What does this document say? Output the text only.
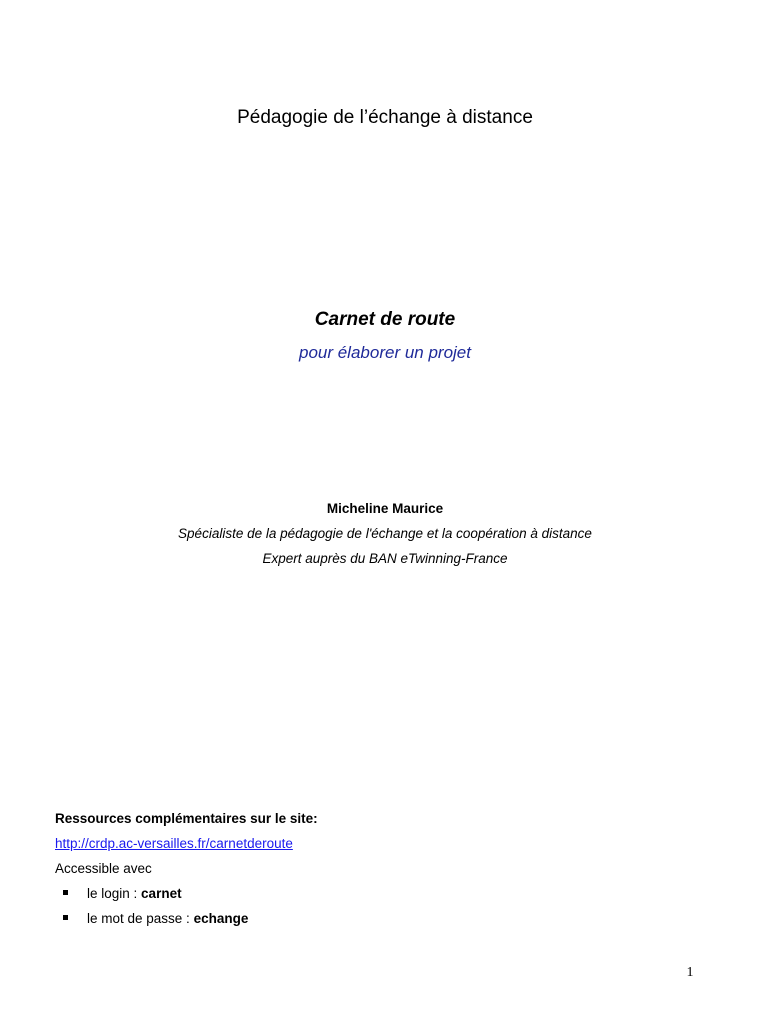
Pédagogie de l’échange à distance
Carnet de route
pour élaborer un projet
Micheline Maurice
Spécialiste de la pédagogie de l'échange et la coopération à distance
Expert auprès du BAN eTwinning-France
Ressources complémentaires sur le site:
http://crdp.ac-versailles.fr/carnetderoute
Accessible avec
le login : carnet
le mot de passe : echange
1
